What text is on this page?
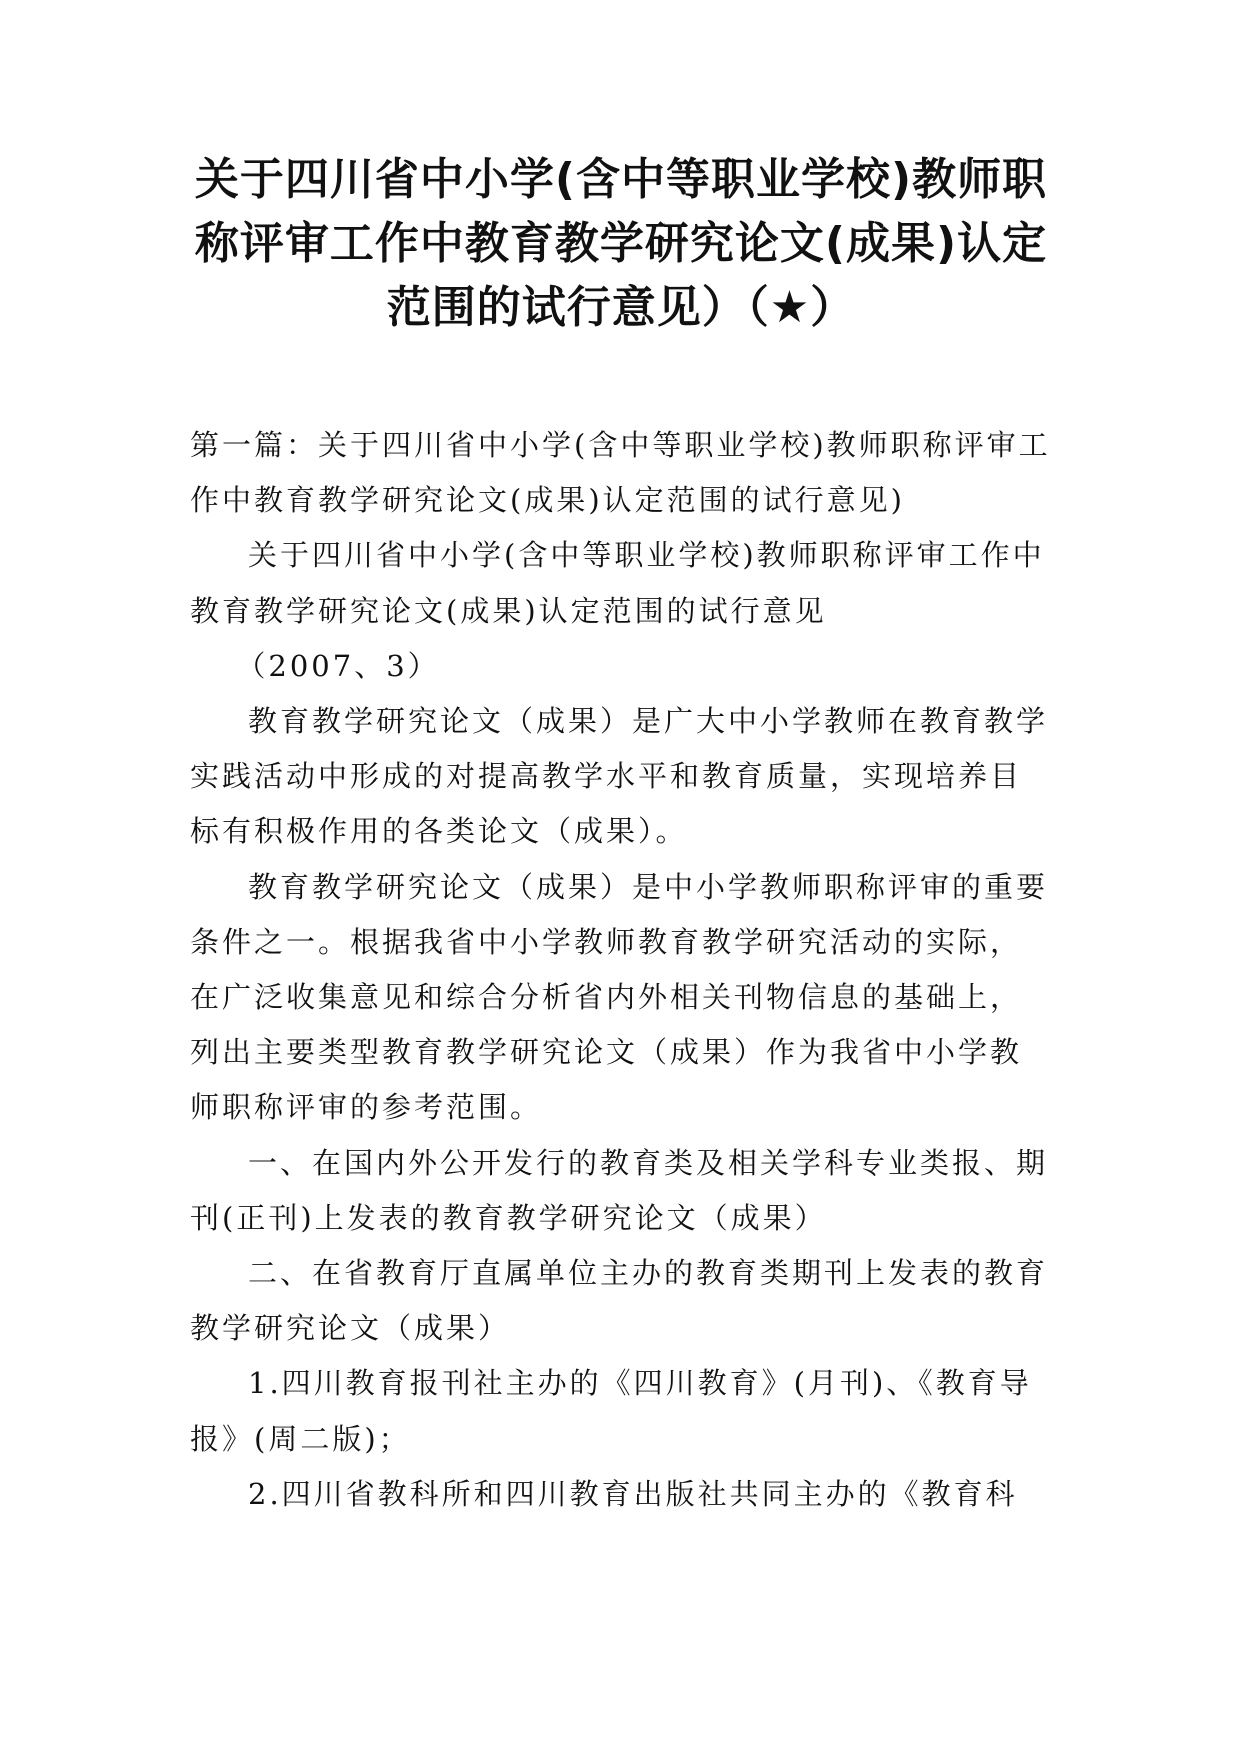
关于四川省中小学(含中等职业学校)教师职
称评审工作中教育教学研究论文(成果)认定
范围的试行意见）（★）

第一篇：关于四川省中小学(含中等职业学校)教师职称评审工作中教育教学研究论文(成果)认定范围的试行意见)

关于四川省中小学(含中等职业学校)教师职称评审工作中教育教学研究论文(成果)认定范围的试行意见

（2007、3）

教育教学研究论文（成果）是广大中小学教师在教育教学实践活动中形成的对提高教学水平和教育质量，实现培养目标有积极作用的各类论文（成果）。

教育教学研究论文（成果）是中小学教师职称评审的重要条件之一。根据我省中小学教师教育教学研究活动的实际，在广泛收集意见和综合分析省内外相关刊物信息的基础上，列出主要类型教育教学研究论文（成果）作为我省中小学教师职称评审的参考范围。

一、在国内外公开发行的教育类及相关学科专业类报、期刊(正刊)上发表的教育教学研究论文（成果）

二、在省教育厅直属单位主办的教育类期刊上发表的教育教学研究论文（成果）

1.四川教育报刊社主办的《四川教育》(月刊)、《教育导报》(周二版)；

2.四川省教科所和四川教育出版社共同主办的《教育科
